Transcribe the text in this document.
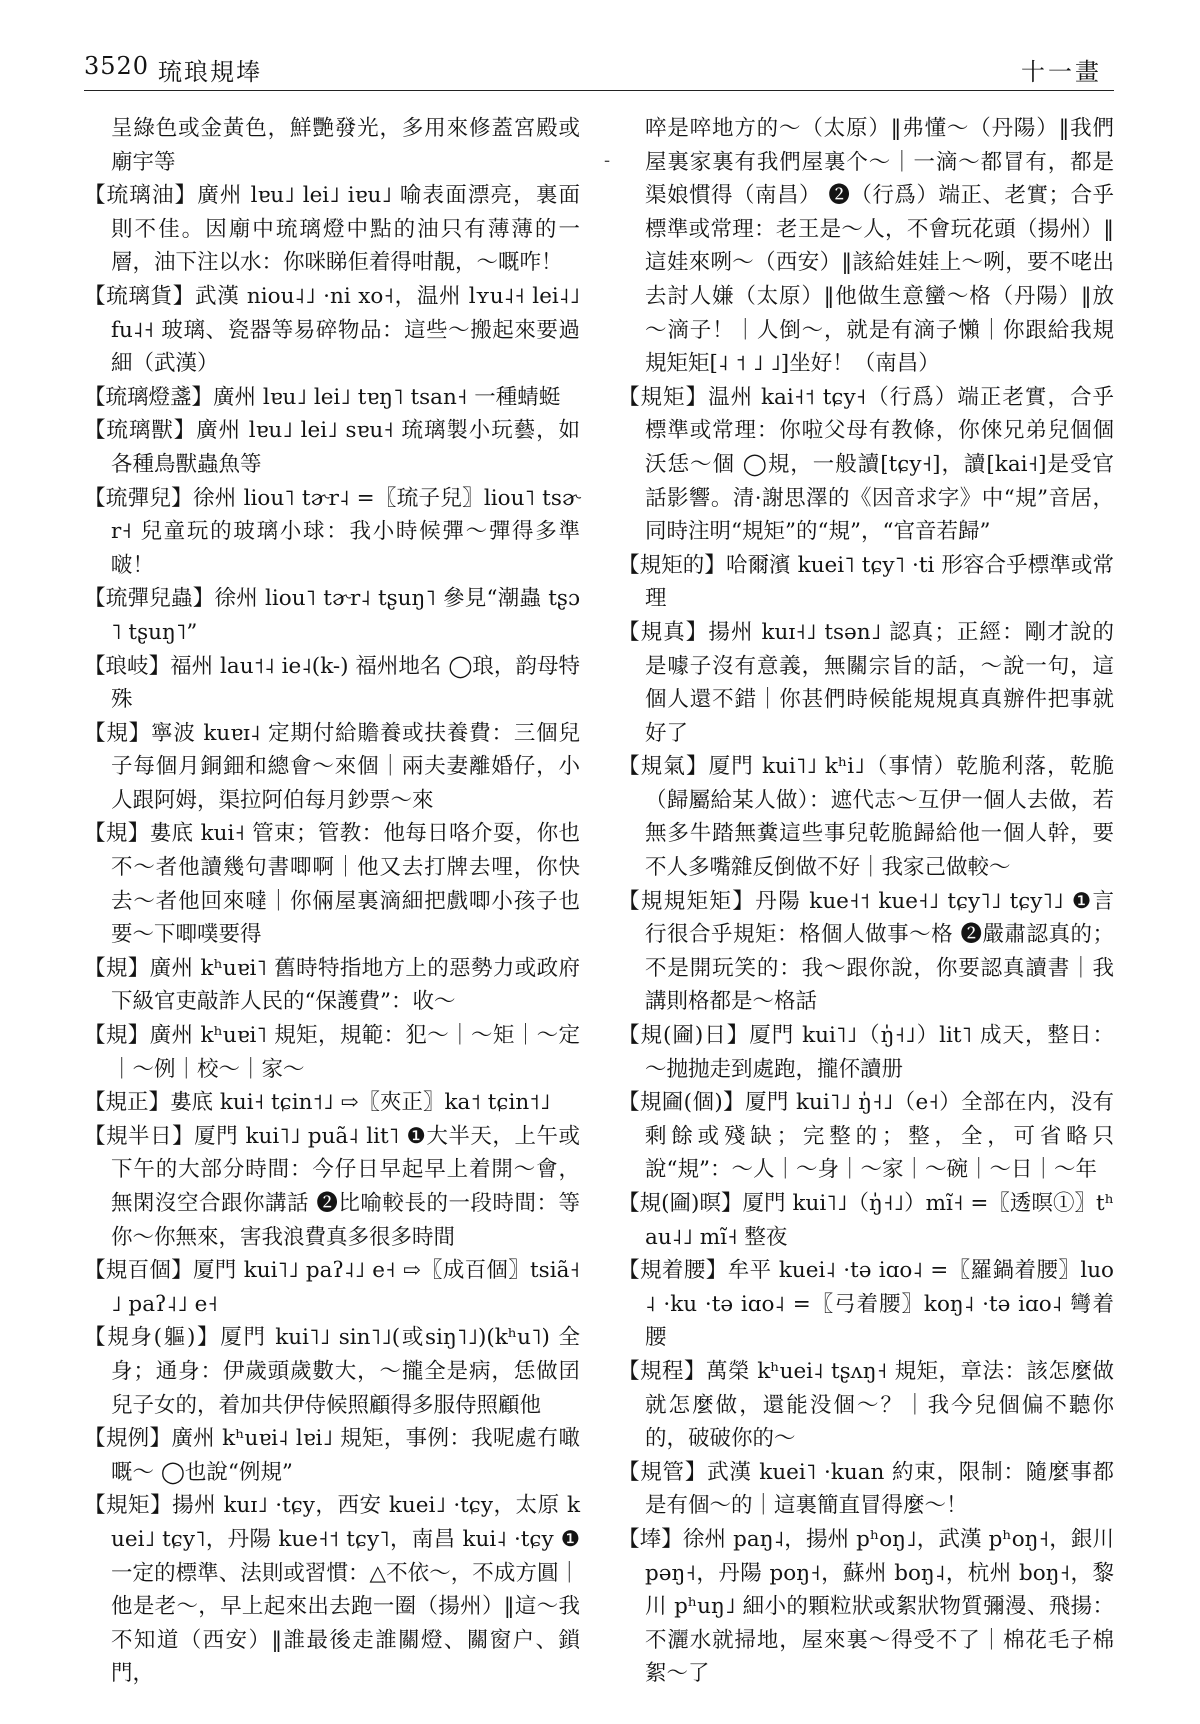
3520 琉琅規埲	十一畫
-

呈綠色或金黃色，鮮艷發光，多用來修蓋宮殿或廟宇等

【琉璃油】廣州 lɐu˩ lei˩ iɐu˩ 喻表面漂亮，裏面則不佳。因廟中琉璃燈中點的油只有薄薄的一層，油下注以水：你咪睇佢着得咁靚，～嘅咋！

【琉璃貨】武漢 niou˨˩ ·ni xo˧，温州 lʏu˨˧ lei˨˩ fu˨˧ 玻璃、瓷器等易碎物品：這些～搬起來要過細（武漢）

【琉璃燈盞】廣州 lɐu˩ lei˩ tɐŋ˥ tsan˧ 一種蜻蜓

【琉璃獸】廣州 lɐu˩ lei˩ sɐu˧ 琉璃製小玩藝，如各種鳥獸蟲魚等

【琉彈兒】徐州 liou˥ tɚr˨ =〖琉子兒〗liou˥ tsɚr˧ 兒童玩的玻璃小球：我小時候彈～彈得多準啵！

【琉彈兒蟲】徐州 liou˥ tɚr˨ tʂuŋ˥ 參見“潮蟲 tʂɔ˥ tʂuŋ˥”

【琅岐】福州 lau˦˨ ie˨(k-) 福州地名 ◯琅，韵母特殊

【規】寧波 kuɐɪ˨ 定期付給贍養或扶養費：三個兒子每個月銅鈿和總會～來個｜兩夫妻離婚仔，小人跟阿姆，渠拉阿伯每月鈔票～來

【規】婁底 kui˧ 管束；管教：他每日咯介耍，你也不～者他讀幾句書唧啊｜他又去打牌去哩，你快去～者他回來噠｜你倆屋裏滴細把戲唧小孩子也要～下唧噗要得

【規】廣州 kʰuɐi˥ 舊時特指地方上的惡勢力或政府下級官吏敲詐人民的“保護費”：收～

【規】廣州 kʰuɐi˥ 規矩，規範：犯～｜～矩｜～定｜～例｜校～｜家～

【規正】婁底 kui˧ tɕin˦˩ ⇨〖夾正〗ka˦ tɕin˦˩

【規半日】厦門 kui˥˩ puã˨ lit˥ ❶大半天，上午或下午的大部分時間：今仔日早起早上着開～會，無閑沒空合跟你講話 ❷比喻較長的一段時間：等你～你無來，害我浪費真多很多時間

【規百個】厦門 kui˥˩ paʔ˨˩ e˧ ⇨〖成百個〗tsiã˧˩ paʔ˨˩ e˧

【規身(軀)】厦門 kui˥˩ sin˥˩(或siŋ˥˩)(kʰu˥) 全身；通身：伊歲頭歲數大，～攏全是病，恁做囝兒子女的，着加共伊侍候照顧得多服侍照顧他

【規例】廣州 kʰuɐi˨ lɐi˩ 規矩，事例：我呢處冇噉嘅～ ◯也說“例規”

【規矩】揚州 kuɪ˩ ·tɕy，西安 kuei˩ ·tɕy，太原 kuei˩ tɕy˥，丹陽 kue˧˦ tɕy˥，南昌 kui˨ ·tɕy ❶一定的標準、法則或習慣：△不依～，不成方圓｜他是老～，早上起來出去跑一圈（揚州）‖這～我不知道（西安）‖誰最後走誰關燈、關窗户、鎖門，

啐是啐地方的～（太原）‖弗懂～（丹陽）‖我們屋裏家裏有我們屋裏个～｜一滴～都冒有，都是渠娘慣得（南昌） ❷（行爲）端正、老實；合乎標準或常理：老王是～人，不會玩花頭（揚州）‖這娃來咧～（西安）‖該給娃娃上～咧，要不咾出去討人嫌（太原）‖他做生意蠻～格（丹陽）‖放～滴子！｜人倒～，就是有滴子懶｜你跟給我規規矩矩[˨ ˦ ˩ ˩]坐好！（南昌）

【規矩】温州 kai˧˦ tɕy˧（行爲）端正老實，合乎標準或常理：你啦父母有教條，你倈兄弟兒個個沃恁～個 ◯規，一般讀[tɕy˧]，讀[kai˧]是受官話影響。清·謝思澤的《因音求字》中“規”音居，同時注明“規矩”的“規”，“官音若歸”

【規矩的】哈爾濱 kuei˥ tɕy˥ ·ti 形容合乎標準或常理

【規真】揚州 kuɪ˧˩ tsən˩ 認真；正經：剛才說的是噱子沒有意義，無關宗旨的話，～說一句，這個人還不錯｜你甚們時候能規規真真辦件把事就好了

【規氣】厦門 kui˥˩ kʰi˩（事情）乾脆利落，乾脆（歸屬給某人做）：遮代志～互伊一個人去做，若無多牛踏無糞這些事兒乾脆歸給他一個人幹，要不人多嘴雜反倒做不好｜我家己做較～

【規規矩矩】丹陽 kue˧˦ kue˧˩ tɕy˥˩ tɕy˥˩ ❶言行很合乎規矩：格個人做事～格 ❷嚴肅認真的；不是開玩笑的：我～跟你說，你要認真讀書｜我講則格都是～格話

【規(圇)日】厦門 kui˥˩（ŋ̍˧˩）lit˥ 成天，整日：～抛抛走到處跑，攏伓讀册

【規圇(個)】厦門 kui˥˩ ŋ̍˧˩（e˧）全部在内，没有剩餘或殘缺；完整的；整，全，可省略只說“規”：～人｜～身｜～家｜～碗｜～日｜～年

【規(圇)暝】厦門 kui˥˩（ŋ̍˧˩）mĩ˧ =〖透暝①〗tʰau˨˩ mĩ˧ 整夜

【規着腰】牟平 kuei˨ ·tə iɑo˨ =〖羅鍋着腰〗luo˨ ·ku ·tə iɑo˨ =〖弓着腰〗koŋ˨ ·tə iɑo˨ 彎着腰

【規程】萬榮 kʰuei˨ tʂʌŋ˧ 規矩，章法：該怎麼做就怎麼做，還能没個～？｜我今兒個偏不聽你的，破破你的～

【規管】武漢 kuei˥ ·kuan 約束，限制：隨麼事都是有個～的｜這裏簡直冒得麼～！

【埲】徐州 paŋ˨，揚州 pʰoŋ˩，武漢 pʰoŋ˧，銀川 pəŋ˧，丹陽 poŋ˧，蘇州 boŋ˨，杭州 boŋ˧，黎川 pʰuŋ˩ 細小的顆粒狀或絮狀物質彌漫、飛揚：不灑水就掃地，屋來裏～得受不了｜棉花毛子棉絮～了
